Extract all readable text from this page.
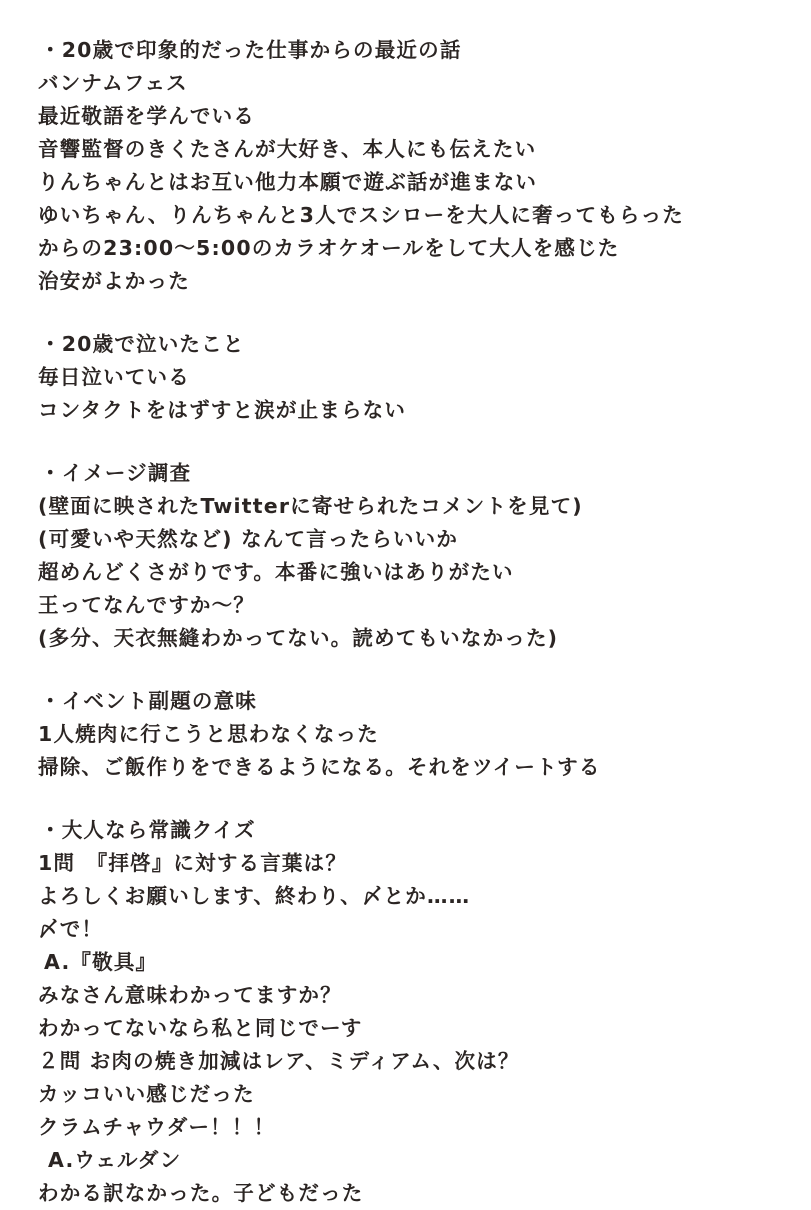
・20歳で印象的だった仕事からの最近の話
バンナムフェス
最近敬語を学んでいる
音響監督のきくたさんが大好き、本人にも伝えたい
りんちゃんとはお互い他力本願で遊ぶ話が進まない
ゆいちゃん、りんちゃんと3人でスシローを大人に奢ってもらった
からの23:00〜5:00のカラオケオールをして大人を感じた
治安がよかった
・20歳で泣いたこと
毎日泣いている
コンタクトをはずすと涙が止まらない
・イメージ調査
(壁面に映されたTwitterに寄せられたコメントを見て)
(可愛いや天然など) なんて言ったらいいか
超めんどくさがりです。本番に強いはありがたい
王ってなんですか〜？
(多分、天衣無縫わかってない。読めてもいなかった)
・イベント副題の意味
1人焼肉に行こうと思わなくなった
掃除、ご飯作りをできるようになる。それをツイートする
・大人なら常識クイズ
1問　『拝啓』に対する言葉は？
よろしくお願いします、終わり、〆とか……
〆で！
A.『敬具』
みなさん意味わかってますか？
わかってないなら私と同じでーす
２問 お肉の焼き加減はレア、ミディアム、次は？
カッコいい感じだった
クラムチャウダー！！！
A.ウェルダン
わかる訳なかった。子どもだった
